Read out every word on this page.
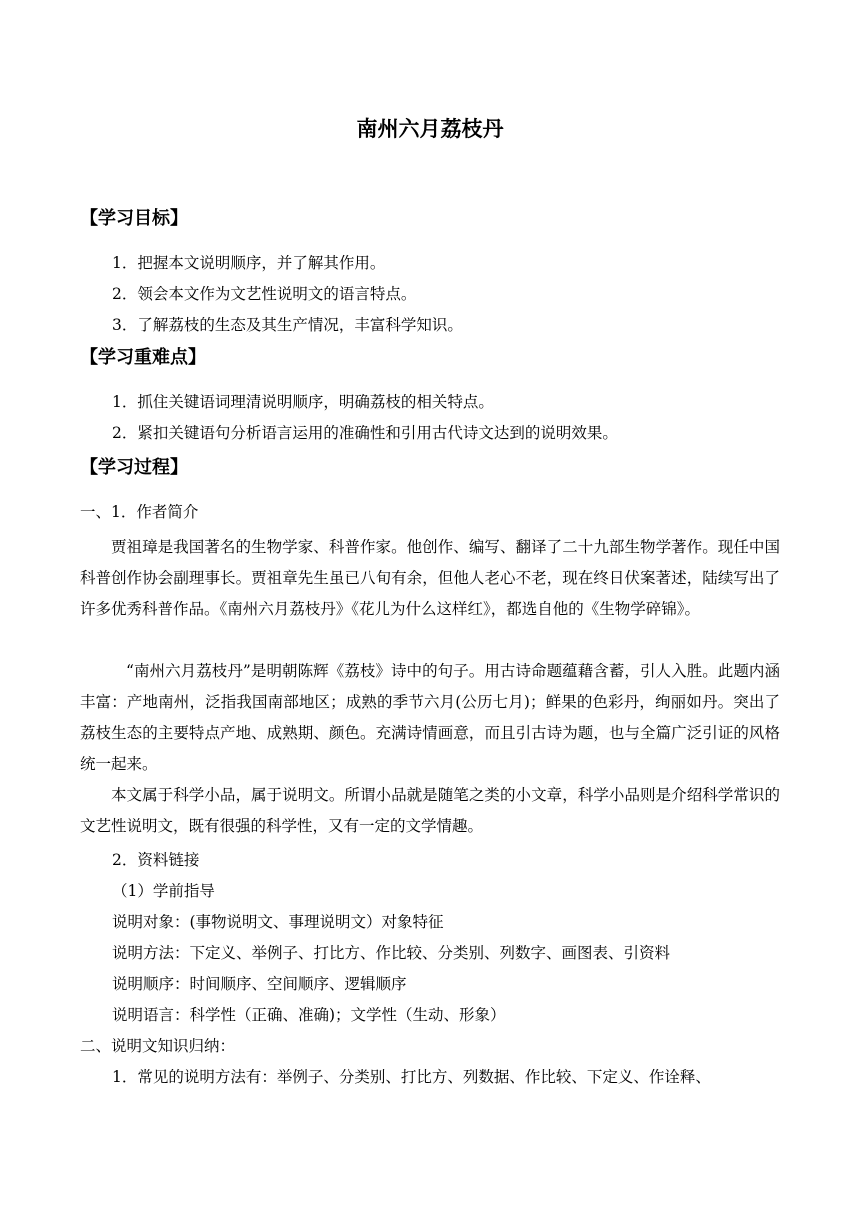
南州六月荔枝丹
【学习目标】
1．把握本文说明顺序，并了解其作用。
2．领会本文作为文艺性说明文的语言特点。
3．了解荔枝的生态及其生产情况，丰富科学知识。
【学习重难点】
1．抓住关键语词理清说明顺序，明确荔枝的相关特点。
2．紧扣关键语句分析语言运用的准确性和引用古代诗文达到的说明效果。
【学习过程】
一、1．作者简介
贾祖璋是我国著名的生物学家、科普作家。他创作、编写、翻译了二十九部生物学著作。现任中国科普创作协会副理事长。贾祖章先生虽已八旬有余，但他人老心不老，现在终日伏案著述，陆续写出了许多优秀科普作品。《南州六月荔枝丹》《花儿为什么这样红》，都选自他的《生物学碎锦》。
“南州六月荔枝丹”是明朝陈辉《荔枝》诗中的句子。用古诗命题蕴藉含蓄，引人入胜。此题内涵丰富：产地南州，泛指我国南部地区；成熟的季节六月(公历七月)；鲜果的色彩丹，绚丽如丹。突出了荔枝生态的主要特点产地、成熟期、颜色。充满诗情画意，而且引古诗为题，也与全篇广泛引证的风格统一起来。
本文属于科学小品，属于说明文。所谓小品就是随笔之类的小文章，科学小品则是介绍科学常识的文艺性说明文，既有很强的科学性，又有一定的文学情趣。
2．资料链接
（1）学前指导
说明对象：(事物说明文、事理说明文）对象特征
说明方法：下定义、举例子、打比方、作比较、分类别、列数字、画图表、引资料
说明顺序：时间顺序、空间顺序、逻辑顺序
说明语言：科学性（正确、准确)；文学性（生动、形象）
二、说明文知识归纳：
1．常见的说明方法有：举例子、分类别、打比方、列数据、作比较、下定义、作诠释、
